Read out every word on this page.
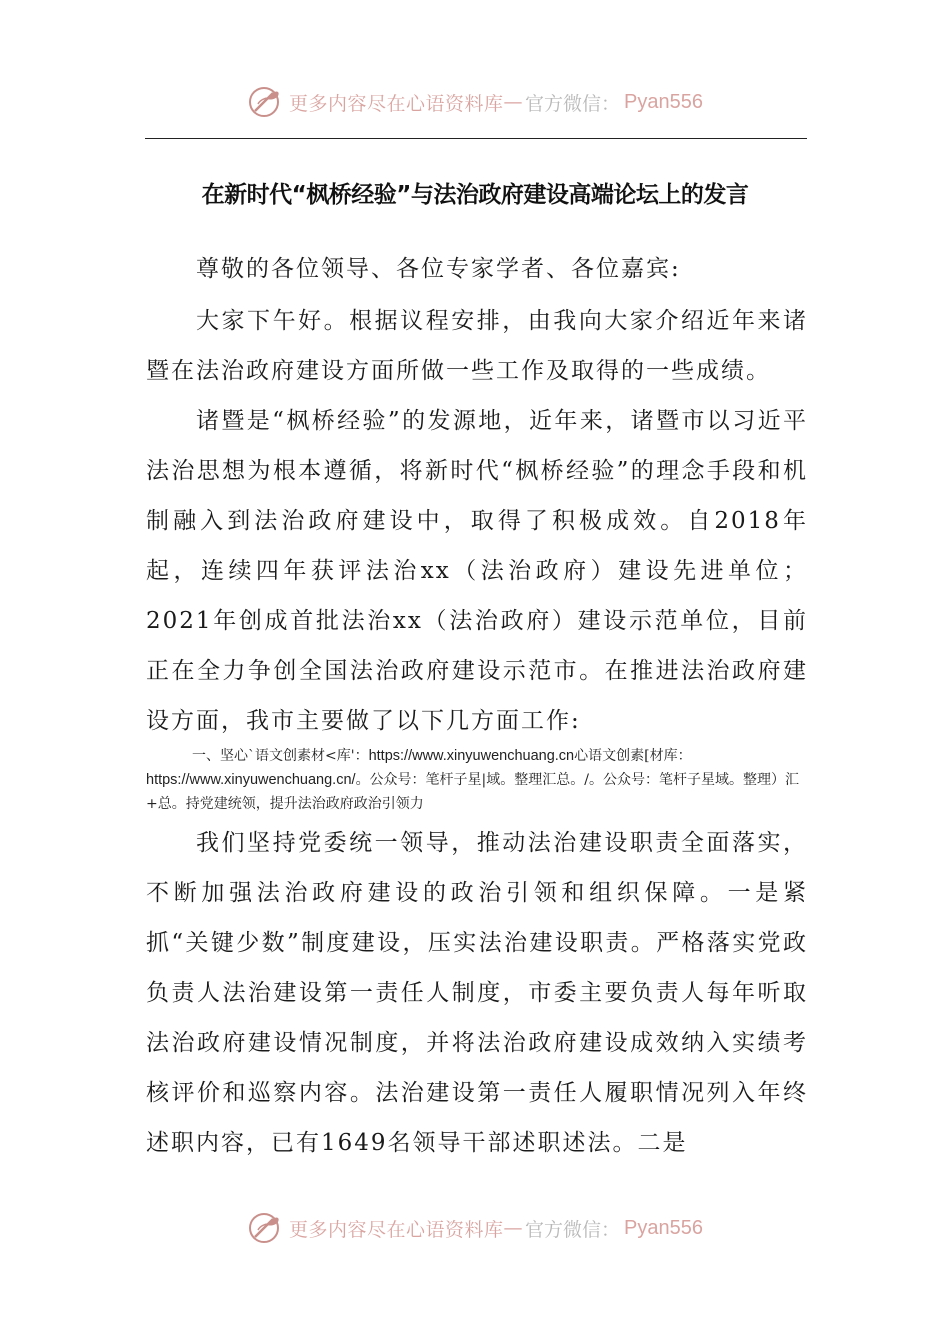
更多内容尽在心语资料库 — 官方微信： Pyan556
在新时代“枫桥经验”与法治政府建设高端论坛上的发言

尊敬的各位领导、各位专家学者、各位嘉宾:

大家下午好。根据议程安排，由我向大家介绍近年来诸暨在法治政府建设方面所做一些工作及取得的一些成绩。

诸暨是“枫桥经验”的发源地，近年来，诸暨市以习近平法治思想为根本遵循，将新时代“枫桥经验”的理念手段和机制融入到法治政府建设中，取得了积极成效。自2018年起，连续四年获评法治xx（法治政府）建设先进单位；2021年创成首批法治xx（法治政府）建设示范单位，目前正在全力争创全国法治政府建设示范市。在推进法治政府建设方面，我市主要做了以下几方面工作:

一、坚心`语文创素材<库'：https://www.xinyuwenchuang.cn心语文创素[材库：https://www.xinyuwenchuang.cn/。公众号：笔杆子星|域。整理汇总。/。公众号：笔杆子星域。整理）汇+总。持党建统领，提升法治政府政治引领力

我们坚持党委统一领导，推动法治建设职责全面落实，不断加强法治政府建设的政治引领和组织保障。一是紧抓“关键少数”制度建设，压实法治建设职责。严格落实党政负责人法治建设第一责任人制度，市委主要负责人每年听取法治政府建设情况制度，并将法治政府建设成效纳入实绩考核评价和巡察内容。法治建设第一责任人履职情况列入年终述职内容，已有1649名领导干部述职述法。二是

更多内容尽在心语资料库 — 官方微信： Pyan556
